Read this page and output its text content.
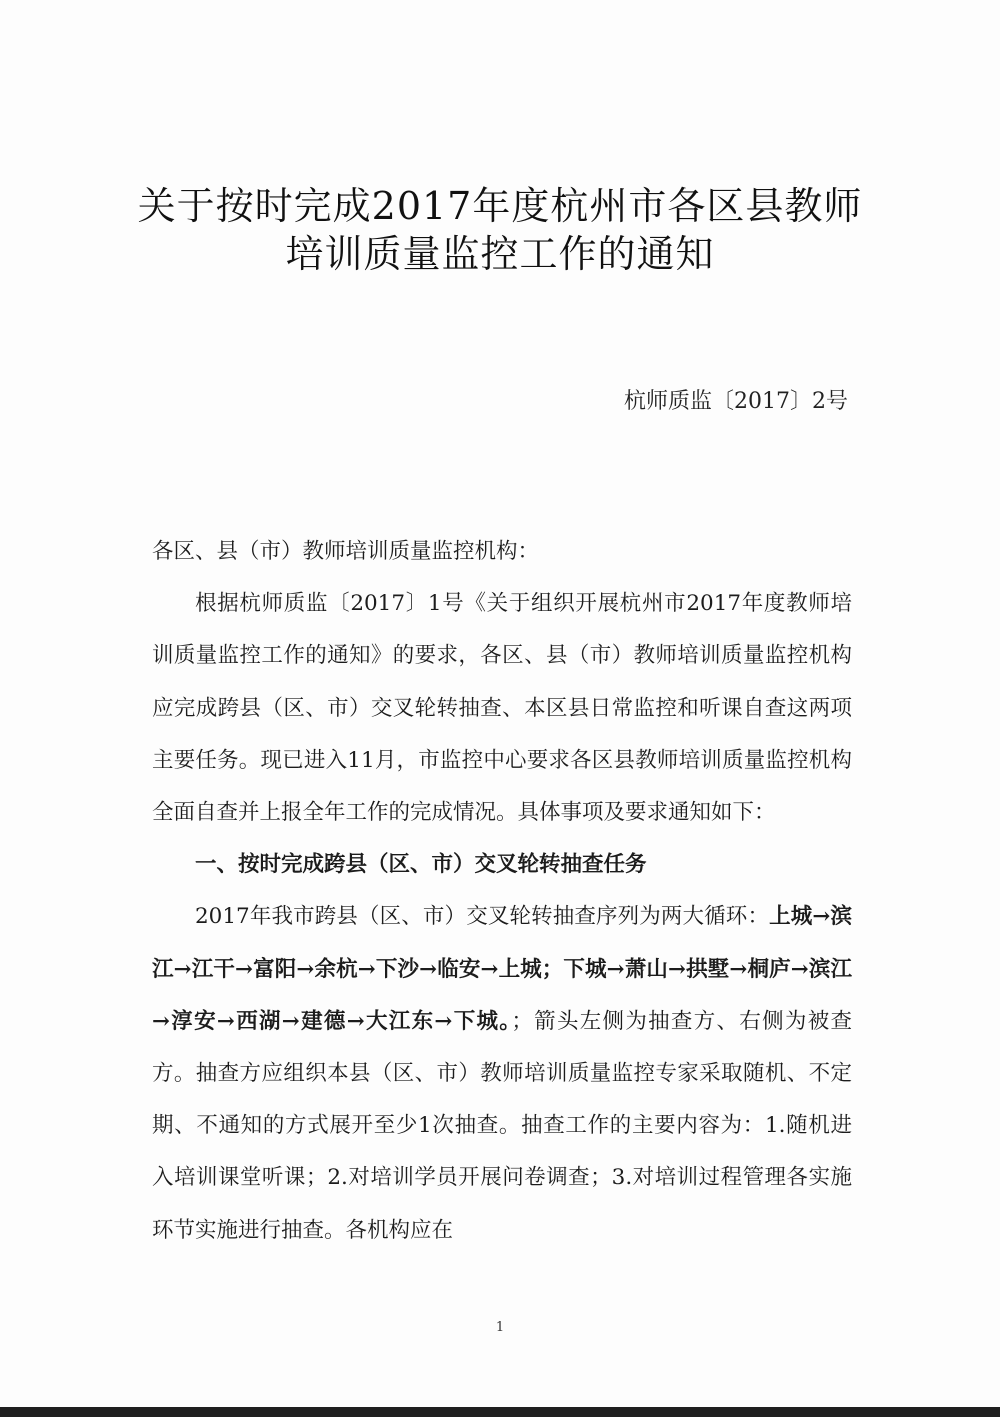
关于按时完成2017年度杭州市各区县教师
培训质量监控工作的通知
杭师质监〔2017〕2号

各区、县（市）教师培训质量监控机构：

根据杭师质监〔2017〕1号《关于组织开展杭州市2017年度教师培训质量监控工作的通知》的要求，各区、县（市）教师培训质量监控机构应完成跨县（区、市）交叉轮转抽查、本区县日常监控和听课自查这两项主要任务。现已进入11月，市监控中心要求各区县教师培训质量监控机构全面自查并上报全年工作的完成情况。具体事项及要求通知如下：

一、按时完成跨县（区、市）交叉轮转抽查任务

2017年我市跨县（区、市）交叉轮转抽查序列为两大循环：上城→滨江→江干→富阳→余杭→下沙→临安→上城；下城→萧山→拱墅→桐庐→滨江→淳安→西湖→建德→大江东→下城。；箭头左侧为抽查方、右侧为被查方。抽查方应组织本县（区、市）教师培训质量监控专家采取随机、不定期、不通知的方式展开至少1次抽查。抽查工作的主要内容为：1.随机进入培训课堂听课；2.对培训学员开展问卷调查；3.对培训过程管理各实施环节实施进行抽查。各机构应在

1
